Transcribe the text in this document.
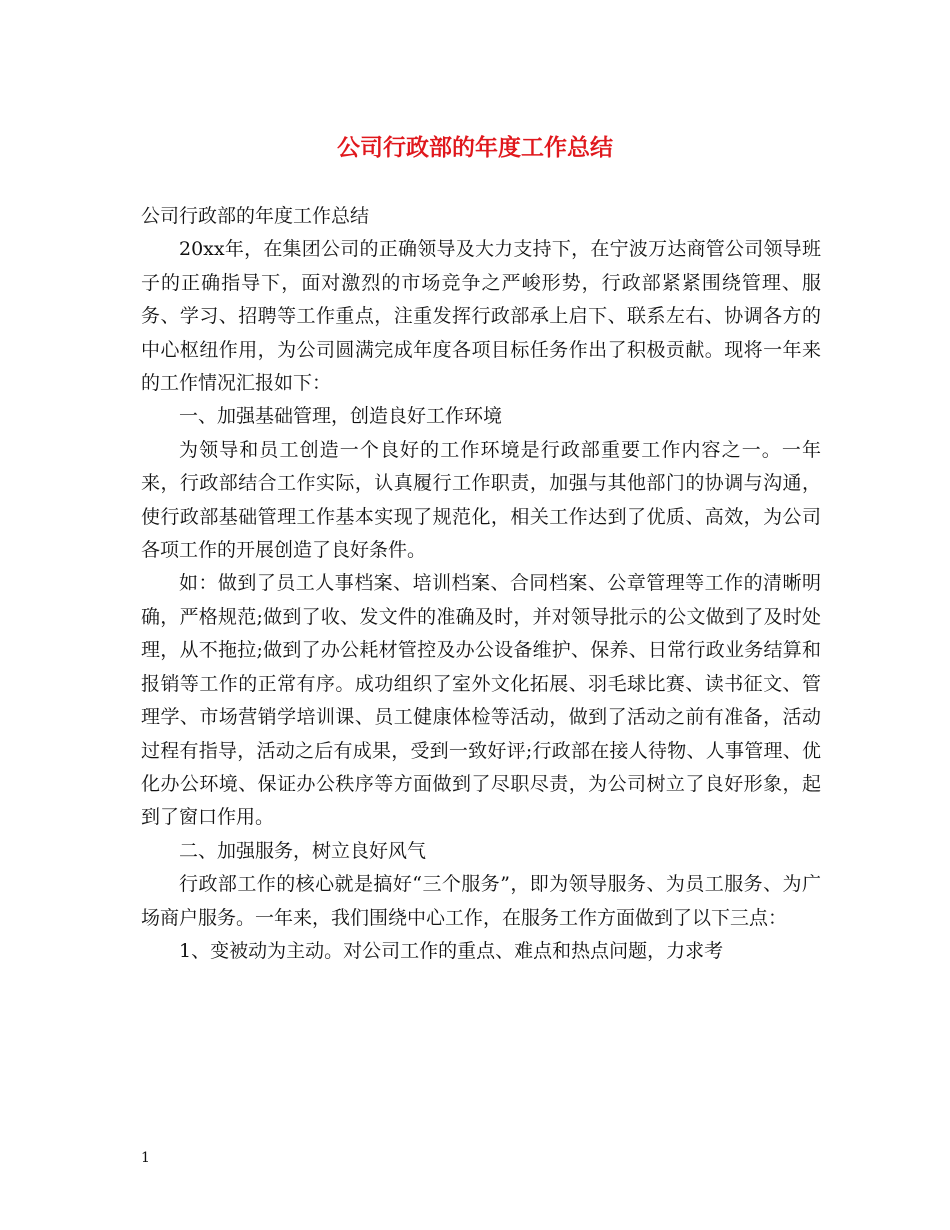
公司行政部的年度工作总结

公司行政部的年度工作总结

20xx年，在集团公司的正确领导及大力支持下，在宁波万达商管公司领导班子的正确指导下，面对激烈的市场竞争之严峻形势，行政部紧紧围绕管理、服务、学习、招聘等工作重点，注重发挥行政部承上启下、联系左右、协调各方的中心枢纽作用，为公司圆满完成年度各项目标任务作出了积极贡献。现将一年来的工作情况汇报如下：

一、加强基础管理，创造良好工作环境

为领导和员工创造一个良好的工作环境是行政部重要工作内容之一。一年来，行政部结合工作实际，认真履行工作职责，加强与其他部门的协调与沟通，使行政部基础管理工作基本实现了规范化，相关工作达到了优质、高效，为公司各项工作的开展创造了良好条件。

如：做到了员工人事档案、培训档案、合同档案、公章管理等工作的清晰明确，严格规范;做到了收、发文件的准确及时，并对领导批示的公文做到了及时处理，从不拖拉;做到了办公耗材管控及办公设备维护、保养、日常行政业务结算和报销等工作的正常有序。成功组织了室外文化拓展、羽毛球比赛、读书征文、管理学、市场营销学培训课、员工健康体检等活动，做到了活动之前有准备，活动过程有指导，活动之后有成果，受到一致好评;行政部在接人待物、人事管理、优化办公环境、保证办公秩序等方面做到了尽职尽责，为公司树立了良好形象，起到了窗口作用。

二、加强服务，树立良好风气

行政部工作的核心就是搞好“三个服务”，即为领导服务、为员工服务、为广场商户服务。一年来，我们围绕中心工作，在服务工作方面做到了以下三点：

1、变被动为主动。对公司工作的重点、难点和热点问题，力求考

1
